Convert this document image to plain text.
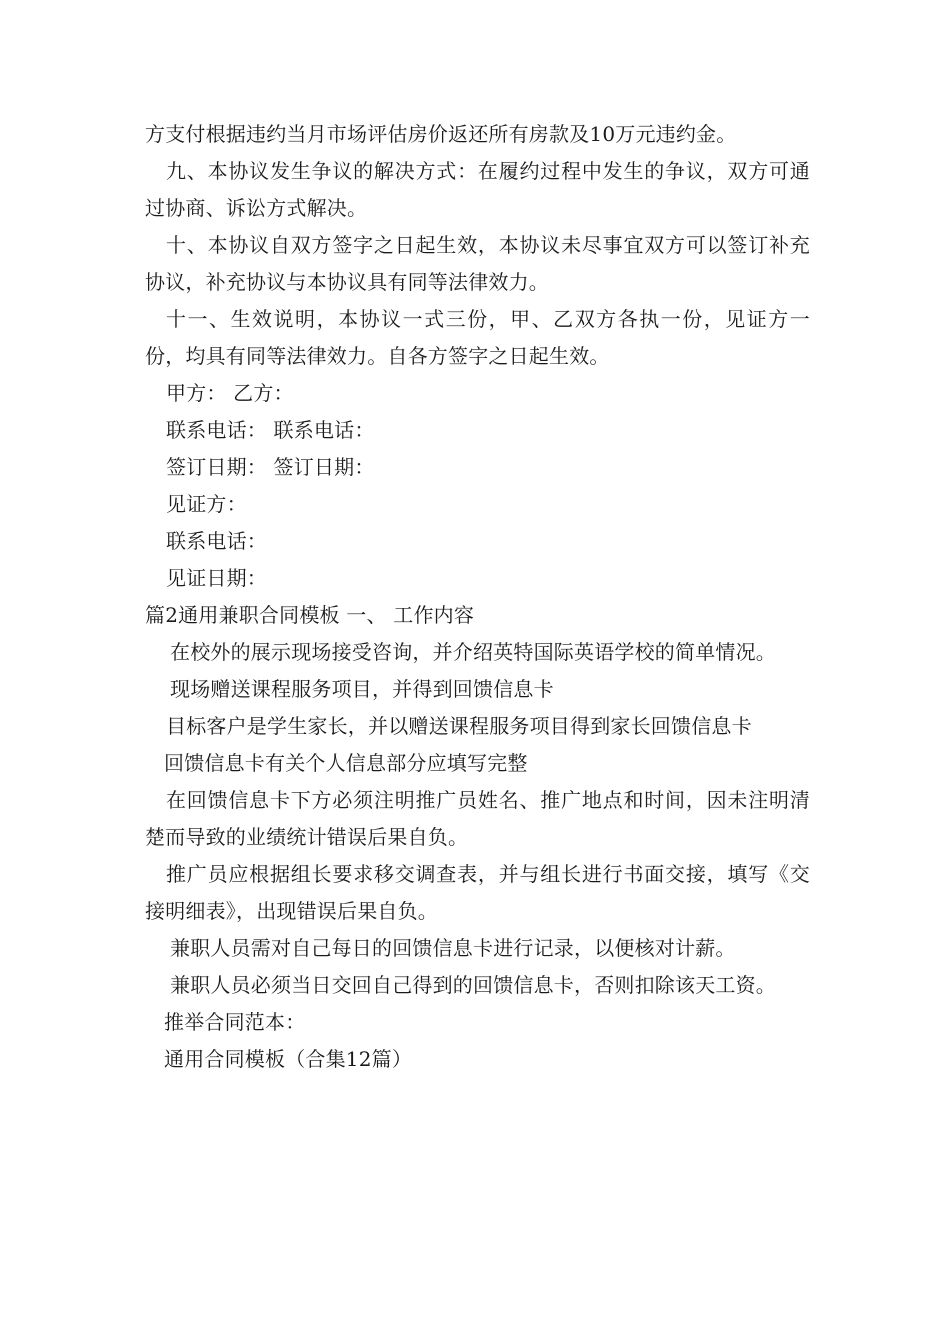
方支付根据违约当月市场评估房价返还所有房款及10万元违约金。

九、本协议发生争议的解决方式：在履约过程中发生的争议，双方可通过协商、诉讼方式解决。

十、本协议自双方签字之日起生效，本协议未尽事宜双方可以签订补充协议，补充协议与本协议具有同等法律效力。

十一、生效说明，本协议一式三份，甲、乙双方各执一份，见证方一份，均具有同等法律效力。自各方签字之日起生效。

甲方： 乙方：

联系电话： 联系电话：

签订日期： 签订日期：

见证方：

联系电话：

见证日期：

篇2通用兼职合同模板 一、 工作内容

在校外的展示现场接受咨询，并介绍英特国际英语学校的简单情况。

现场赠送课程服务项目，并得到回馈信息卡

目标客户是学生家长，并以赠送课程服务项目得到家长回馈信息卡

回馈信息卡有关个人信息部分应填写完整

在回馈信息卡下方必须注明推广员姓名、推广地点和时间，因未注明清楚而导致的业绩统计错误后果自负。

推广员应根据组长要求移交调查表，并与组长进行书面交接，填写《交接明细表》，出现错误后果自负。

兼职人员需对自己每日的回馈信息卡进行记录，以便核对计薪。

兼职人员必须当日交回自己得到的回馈信息卡，否则扣除该天工资。

推举合同范本：

通用合同模板（合集12篇）
